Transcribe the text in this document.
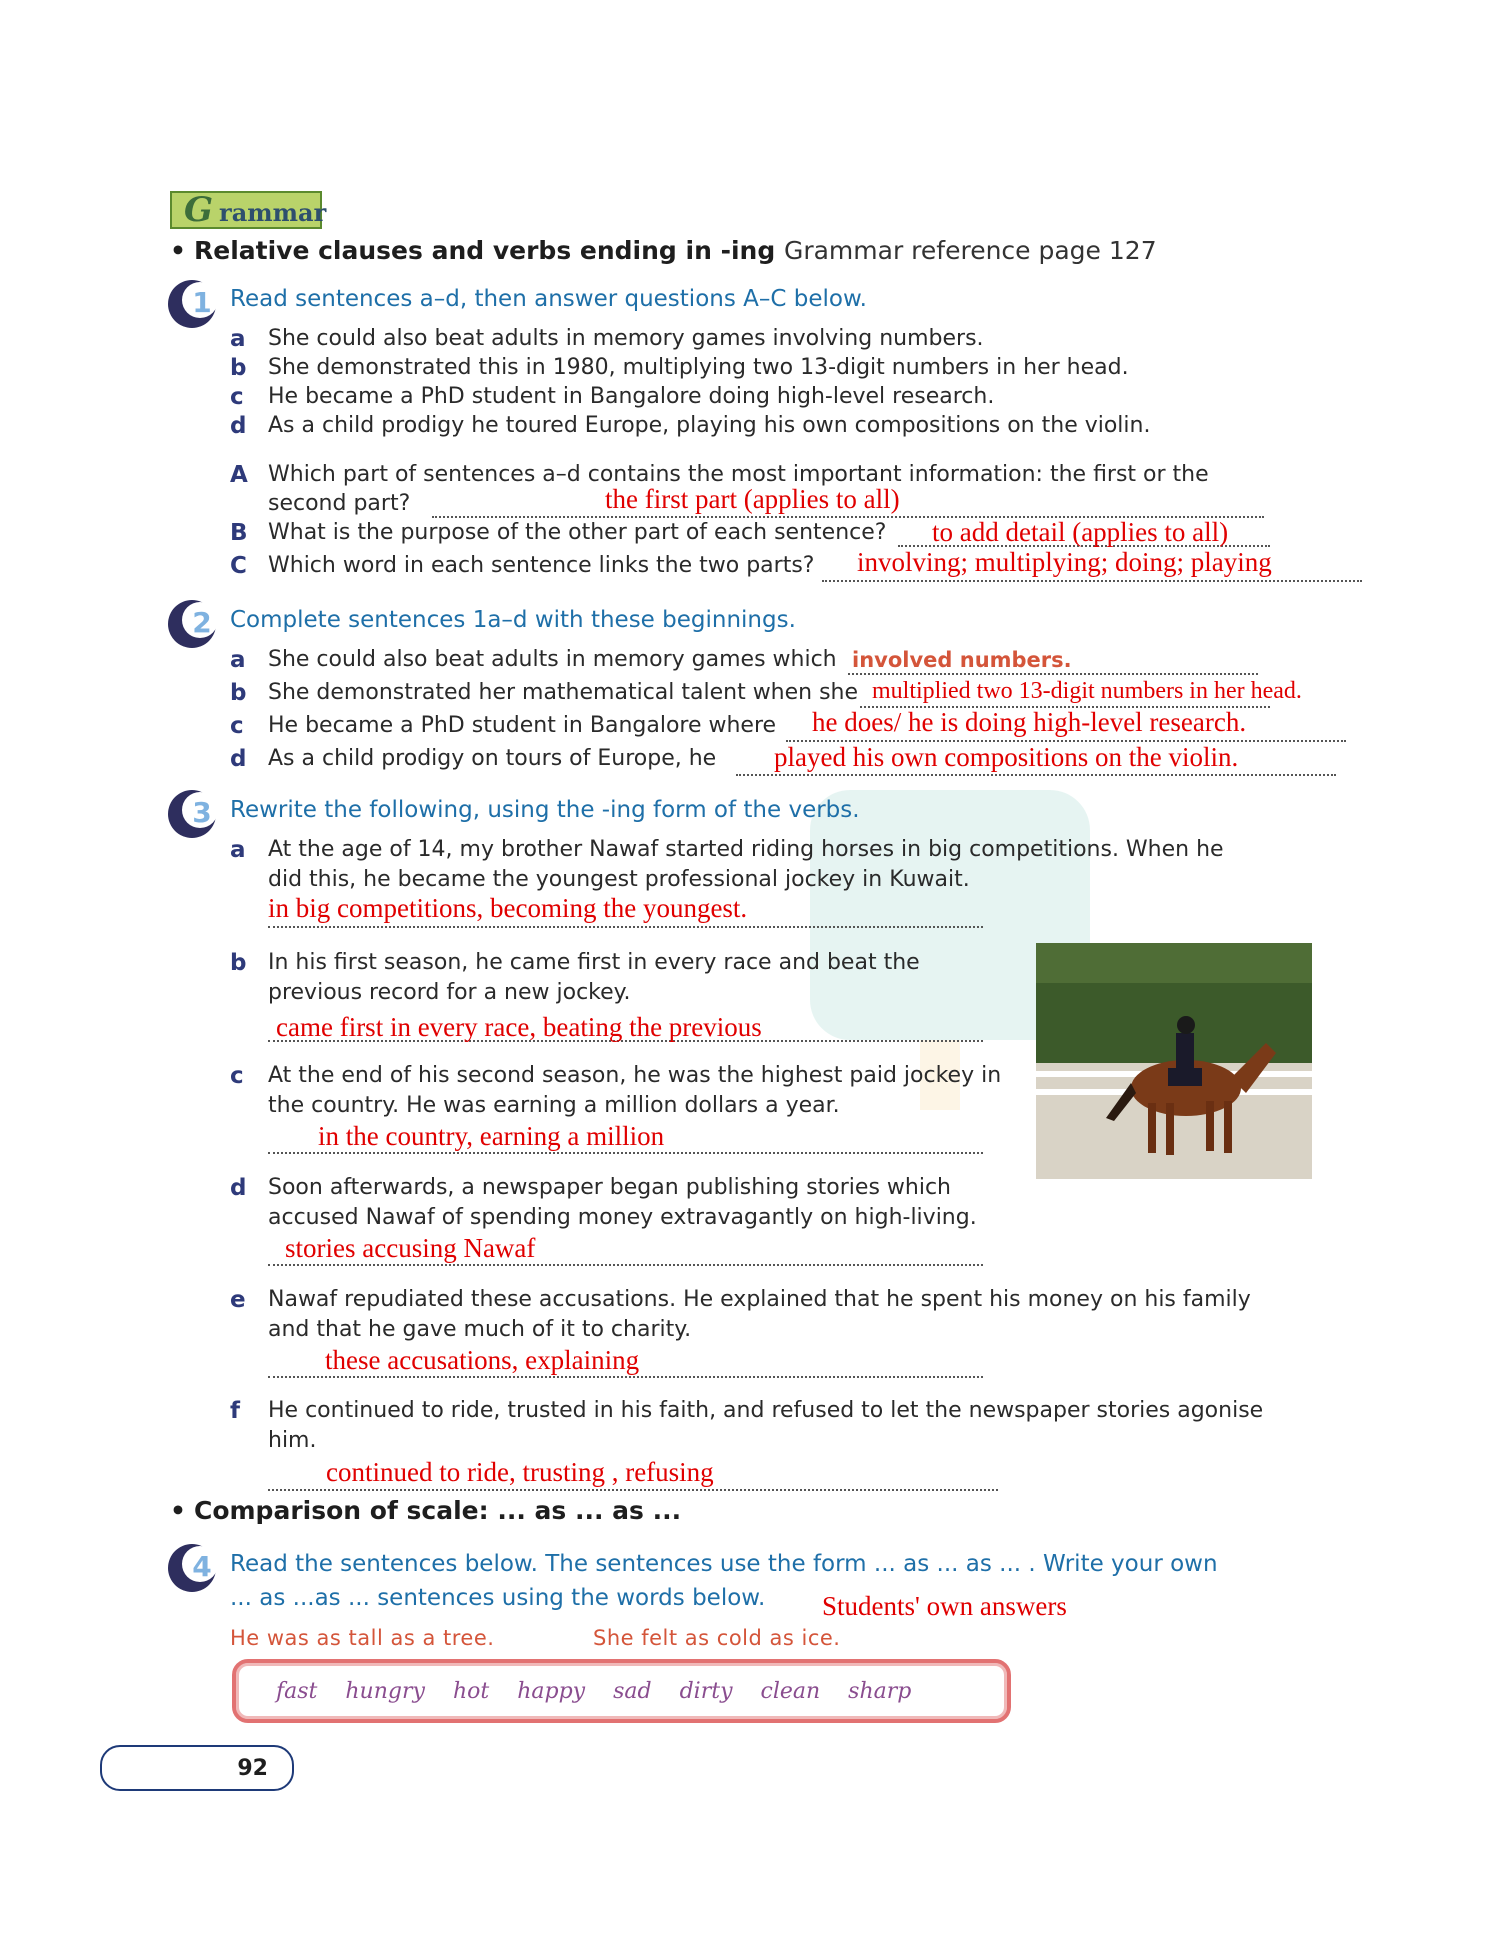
G rammar
• Relative clauses and verbs ending in -ing Grammar reference page 127
1 Read sentences a–d, then answer questions A–C below.
a	She could also beat adults in memory games involving numbers.
b She demonstrated this in 1980, multiplying two 13-digit numbers in her head.
c	He became a PhD student in Bangalore doing high-level research.
d As a child prodigy he toured Europe, playing his own compositions on the violin.
A Which part of sentences a–d contains the most important information: the first or the
second part?	the first part (applies to all)
B What is the purpose of the other part of each sentence? to add detail (applies to all)
C Which word in each sentence links the two parts? involving; multiplying; doing; playing
2 Complete sentences 1a–d with these beginnings.
a	She could also beat adults in memory games which involved numbers.
b She demonstrated her mathematical talent when she multiplied two 13-digit numbers in her head.
c	He became a PhD student in Bangalore where he does/ he is doing high-level research.
d As a child prodigy on tours of Europe, he played his own compositions on the violin.
3 Rewrite the following, using the -ing form of the verbs.
a	At the age of 14, my brother Nawaf started riding horses in big competitions. When he
did this, he became the youngest professional jockey in Kuwait.
in big competitions, becoming the youngest.
b In his first season, he came first in every race and beat the
previous record for a new jockey.
came first in every race, beating the previous
c	At the end of his second season, he was the highest paid jockey in
the country. He was earning a million dollars a year.
in the country, earning a million
d Soon afterwards, a newspaper began publishing stories which
accused Nawaf of spending money extravagantly on high-living.
stories accusing Nawaf
e	Nawaf repudiated these accusations. He explained that he spent his money on his family
and that he gave much of it to charity.
these accusations, explaining
f	He continued to ride, trusted in his faith, and refused to let the newspaper stories agonise
him.
continued to ride, trusting , refusing
• Comparison of scale: ... as ... as ...
4 Read the sentences below. The sentences use the form ... as ... as ... . Write your own
... as ...as ... sentences using the words below. Students' own answers
He was as tall as a tree.	She felt as cold as ice.
fast hungry hot happy sad dirty clean sharp
92
